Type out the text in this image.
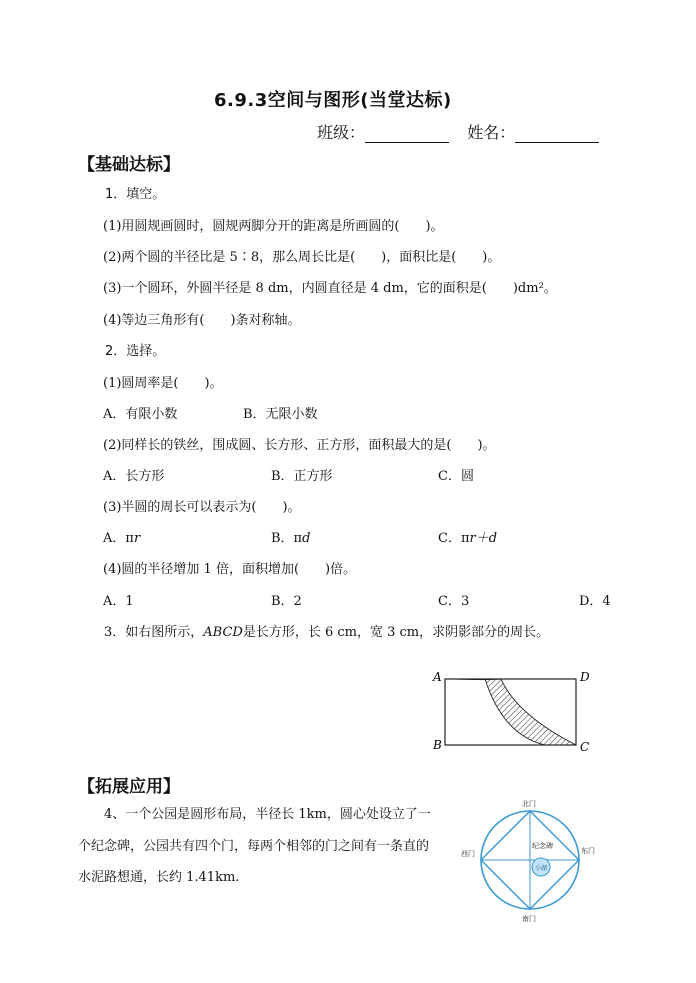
6.9.3空间与图形(当堂达标)
班级：	姓名：
【基础达标】
1．填空。
(1)用圆规画圆时，圆规两脚分开的距离是所画圆的(　　)。
(2)两个圆的半径比是 5∶8，那么周长比是(　　)，面积比是(　　)。
(3)一个圆环，外圆半径是 8 dm，内圆直径是 4 dm，它的面积是(　　)dm²。
(4)等边三角形有(　　)条对称轴。
2．选择。
(1)圆周率是(　　)。
A．有限小数	B．无限小数
(2)同样长的铁丝，围成圆、长方形、正方形，面积最大的是(　　)。
A．长方形	B．正方形	C．圆
(3)半圆的周长可以表示为(　　)。
A．πr	B．πd	C．πr＋d
(4)圆的半径增加 1 倍，面积增加(　　)倍。
A．1	B．2	C．3	D．4
3．如右图所示，ABCD是长方形，长 6 cm，宽 3 cm，求阴影部分的周长。
A
B	C
D
【拓展应用】
4、一个公园是圆形布局，半径长 1km，圆心处设立了一
个纪念碑，公园共有四个门，每两个相邻的门之间有一条直的
水泥路想通，长约 1.41km.
小湖
纪念碑
北门
南门
东门
西门
